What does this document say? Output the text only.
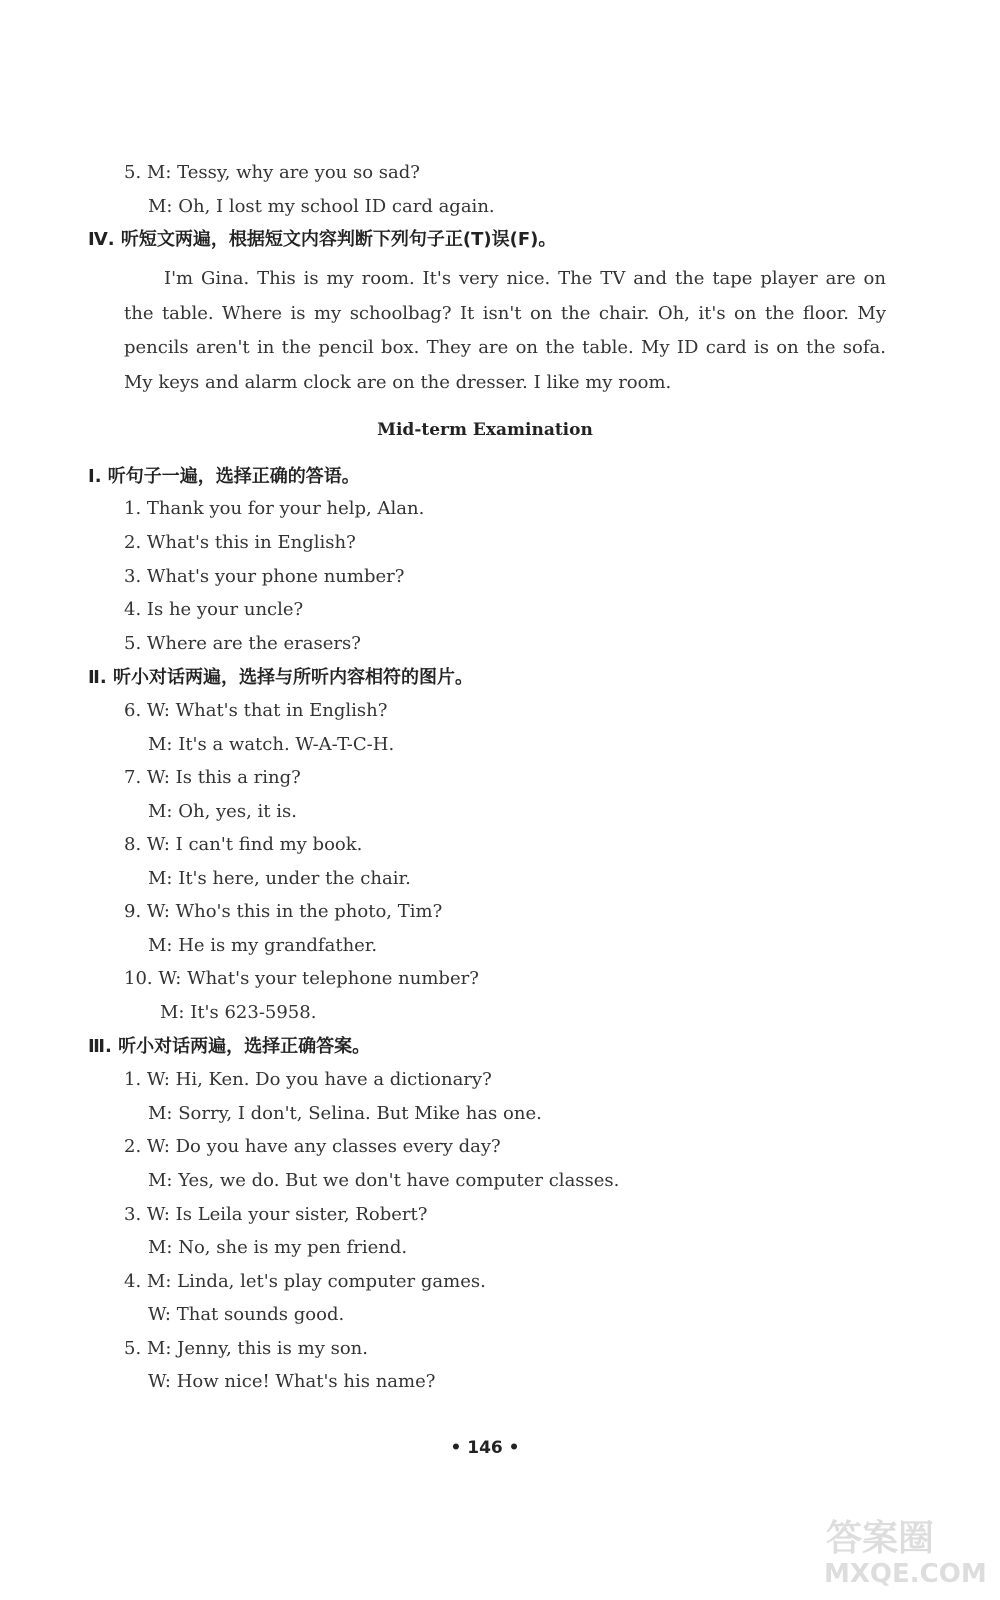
5. M: Tessy, why are you so sad?
M: Oh, I lost my school ID card again.
Ⅳ. 听短文两遍，根据短文内容判断下列句子正(T)误(F)。
I'm Gina. This is my room. It's very nice. The TV and the tape player are on the table. Where is my schoolbag? It isn't on the chair. Oh, it's on the floor. My pencils aren't in the pencil box. They are on the table. My ID card is on the sofa. My keys and alarm clock are on the dresser. I like my room.
Mid-term Examination
Ⅰ. 听句子一遍，选择正确的答语。
1. Thank you for your help, Alan.
2. What's this in English?
3. What's your phone number?
4. Is he your uncle?
5. Where are the erasers?
Ⅱ. 听小对话两遍，选择与所听内容相符的图片。
6. W: What's that in English?
M: It's a watch. W-A-T-C-H.
7. W: Is this a ring?
M: Oh, yes, it is.
8. W: I can't find my book.
M: It's here, under the chair.
9. W: Who's this in the photo, Tim?
M: He is my grandfather.
10. W: What's your telephone number?
M: It's 623-5958.
Ⅲ. 听小对话两遍，选择正确答案。
1. W: Hi, Ken. Do you have a dictionary?
M: Sorry, I don't, Selina. But Mike has one.
2. W: Do you have any classes every day?
M: Yes, we do. But we don't have computer classes.
3. W: Is Leila your sister, Robert?
M: No, she is my pen friend.
4. M: Linda, let's play computer games.
W: That sounds good.
5. M: Jenny, this is my son.
W: How nice! What's his name?
• 146 •
答案圈
MXQE.COM
